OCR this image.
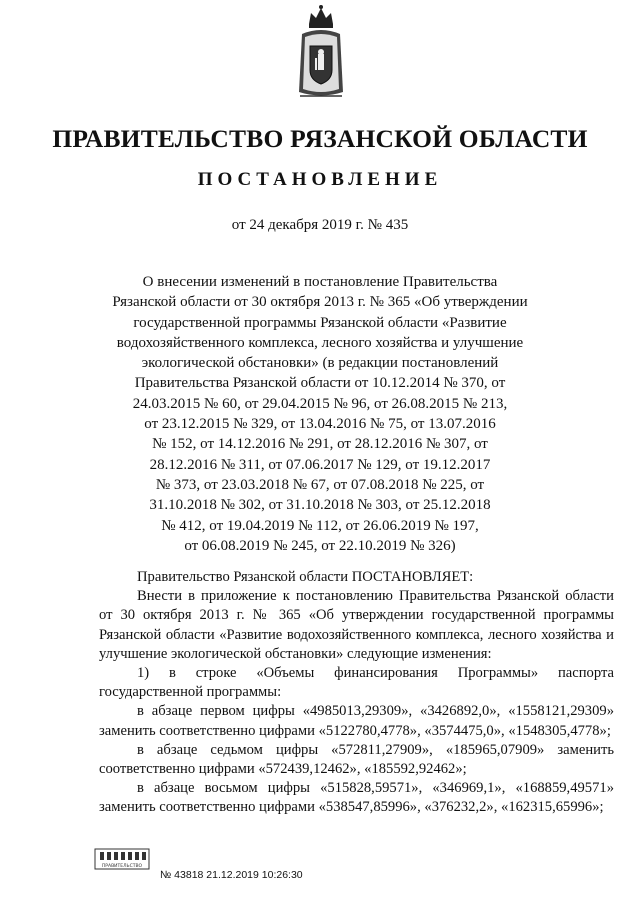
ПРАВИТЕЛЬСТВО РЯЗАНСКОЙ ОБЛАСТИ
ПОСТАНОВЛЕНИЕ
от 24 декабря 2019 г. № 435

О внесении изменений в постановление Правительства
Рязанской области от 30 октября 2013 г. № 365 «Об утверждении
государственной программы Рязанской области «Развитие
водохозяйственного комплекса, лесного хозяйства и улучшение
экологической обстановки» (в редакции постановлений
Правительства Рязанской области от 10.12.2014 № 370, от
24.03.2015 № 60, от 29.04.2015 № 96, от 26.08.2015 № 213,
от 23.12.2015 № 329, от 13.04.2016 № 75, от 13.07.2016
№ 152, от 14.12.2016 № 291, от 28.12.2016 № 307, от
28.12.2016 № 311, от 07.06.2017 № 129, от 19.12.2017
№ 373, от 23.03.2018 № 67, от 07.08.2018 № 225, от
31.10.2018 № 302, от 31.10.2018 № 303, от 25.12.2018
№ 412, от 19.04.2019 № 112, от 26.06.2019 № 197,
от 06.08.2019 № 245, от 22.10.2019 № 326)

Правительство Рязанской области ПОСТАНОВЛЯЕТ:

Внести в приложение к постановлению Правительства Рязанской области от 30 октября 2013 г. № 365 «Об утверждении государственной программы Рязанской области «Развитие водохозяйственного комплекса, лесного хозяйства и улучшение экологической обстановки» следующие изменения:

1) в строке «Объемы финансирования Программы» паспорта государственной программы:

в абзаце первом цифры «4985013,29309», «3426892,0», «1558121,29309» заменить соответственно цифрами «5122780,4778», «3574475,0», «1548305,4778»;

в абзаце седьмом цифры «572811,27909», «185965,07909» заменить соответственно цифрами «572439,12462», «185592,92462»;

в абзаце восьмом цифры «515828,59571», «346969,1», «168859,49571» заменить соответственно цифрами «538547,85996», «376232,2», «162315,65996»;

ПРАВИТЕЛЬСТВО
№ 43818 21.12.2019 10:26:30
